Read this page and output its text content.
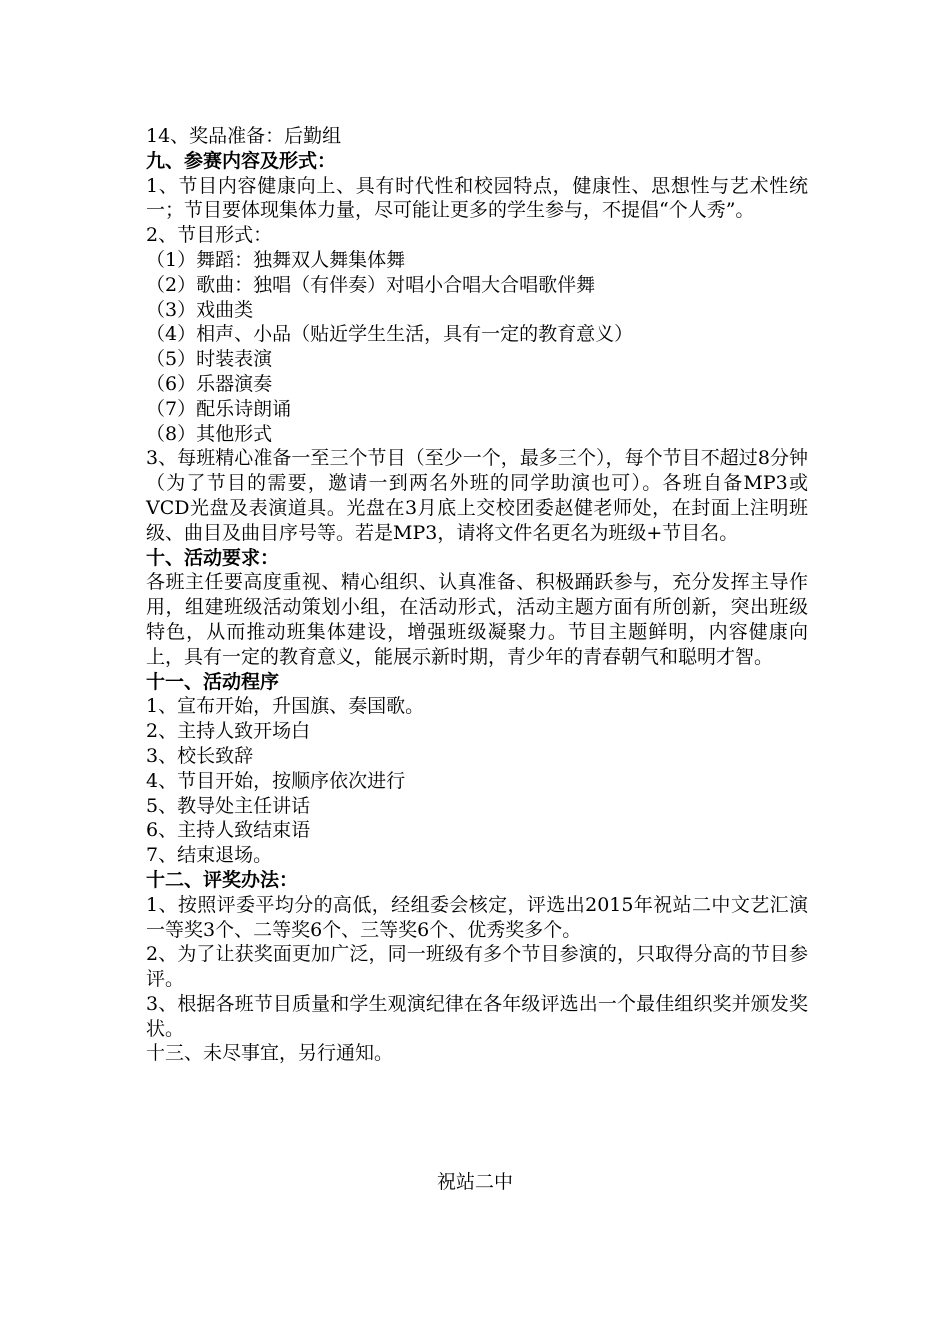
14、奖品准备：后勤组
九、参赛内容及形式：
1、节目内容健康向上、具有时代性和校园特点，健康性、思想性与艺术性统一；节目要体现集体力量，尽可能让更多的学生参与，不提倡“个人秀”。
2、节目形式：
（1）舞蹈：独舞双人舞集体舞
（2）歌曲：独唱（有伴奏）对唱小合唱大合唱歌伴舞
（3）戏曲类
（4）相声、小品（贴近学生生活，具有一定的教育意义）
（5）时装表演
（6）乐器演奏
（7）配乐诗朗诵
（8）其他形式
3、每班精心准备一至三个节目（至少一个，最多三个），每个节目不超过8分钟（为了节目的需要，邀请一到两名外班的同学助演也可）。各班自备MP3或VCD光盘及表演道具。光盘在3月底上交校团委赵健老师处，在封面上注明班级、曲目及曲目序号等。若是MP3，请将文件名更名为班级+节目名。
十、活动要求：
各班主任要高度重视、精心组织、认真准备、积极踊跃参与，充分发挥主导作用，组建班级活动策划小组，在活动形式，活动主题方面有所创新，突出班级特色，从而推动班集体建设，增强班级凝聚力。节目主题鲜明，内容健康向上，具有一定的教育意义，能展示新时期，青少年的青春朝气和聪明才智。
十一、活动程序
1、宣布开始，升国旗、奏国歌。
2、主持人致开场白
3、校长致辞
4、节目开始，按顺序依次进行
5、教导处主任讲话
6、主持人致结束语
7、结束退场。
十二、评奖办法：
1、按照评委平均分的高低，经组委会核定，评选出2015年祝站二中文艺汇演一等奖3个、二等奖6个、三等奖6个、优秀奖多个。
2、为了让获奖面更加广泛，同一班级有多个节目参演的，只取得分高的节目参评。
3、根据各班节目质量和学生观演纪律在各年级评选出一个最佳组织奖并颁发奖状。
十三、未尽事宜，另行通知。
祝站二中
